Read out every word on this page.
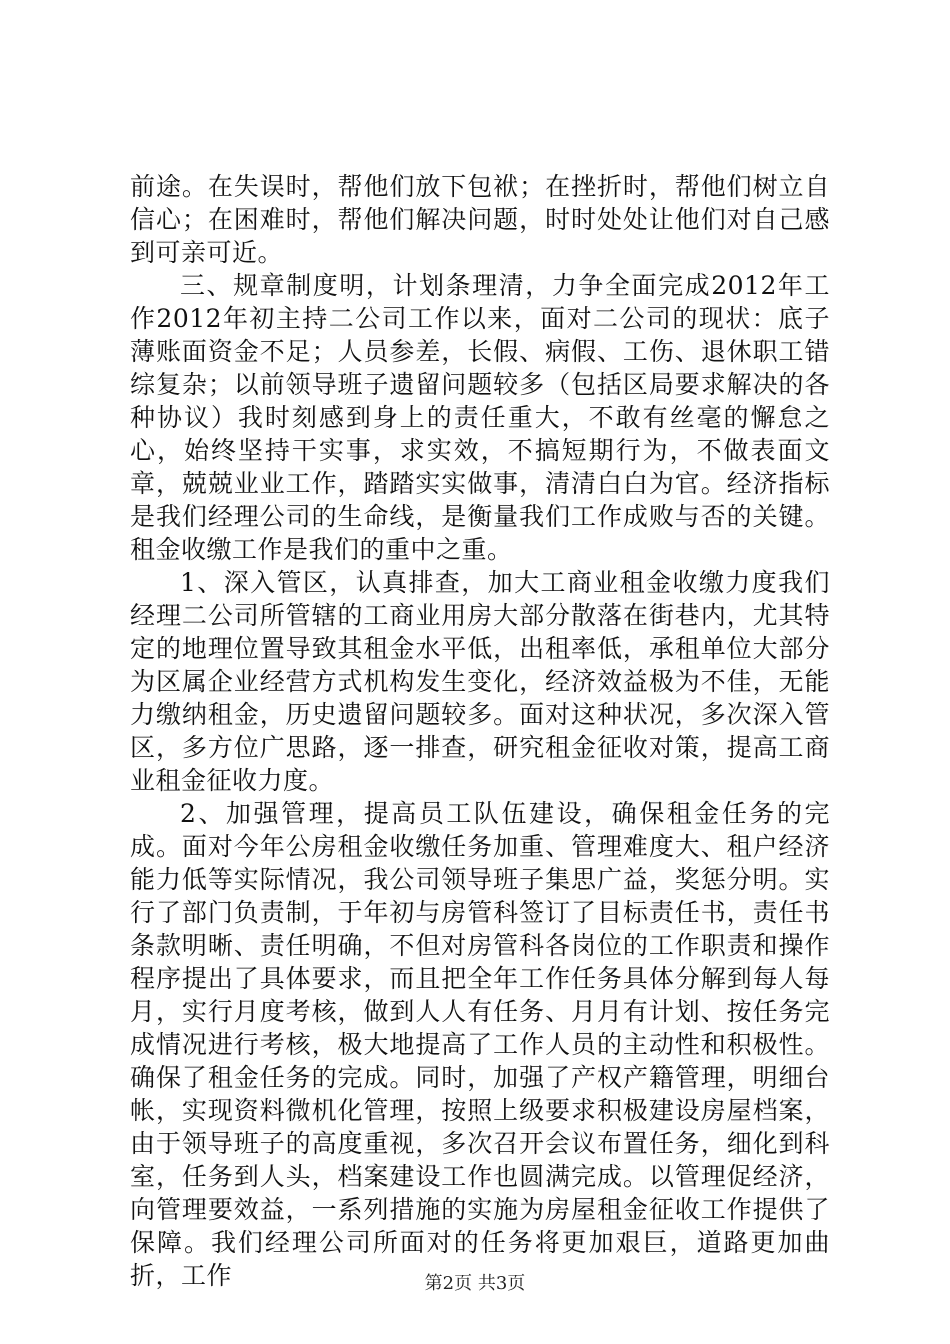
前途。在失误时，帮他们放下包袱；在挫折时，帮他们树立自信心；在困难时，帮他们解决问题，时时处处让他们对自己感到可亲可近。

三、规章制度明，计划条理清，力争全面完成2012年工作2012年初主持二公司工作以来，面对二公司的现状：底子薄账面资金不足；人员参差，长假、病假、工伤、退休职工错综复杂；以前领导班子遗留问题较多（包括区局要求解决的各种协议）我时刻感到身上的责任重大，不敢有丝毫的懈怠之心，始终坚持干实事，求实效，不搞短期行为，不做表面文章，兢兢业业工作，踏踏实实做事，清清白白为官。经济指标是我们经理公司的生命线，是衡量我们工作成败与否的关键。租金收缴工作是我们的重中之重。

1、深入管区，认真排查，加大工商业租金收缴力度我们经理二公司所管辖的工商业用房大部分散落在街巷内，尤其特定的地理位置导致其租金水平低，出租率低，承租单位大部分为区属企业经营方式机构发生变化，经济效益极为不佳，无能力缴纳租金，历史遗留问题较多。面对这种状况，多次深入管区，多方位广思路，逐一排查，研究租金征收对策，提高工商业租金征收力度。

2、加强管理，提高员工队伍建设，确保租金任务的完成。面对今年公房租金收缴任务加重、管理难度大、租户经济能力低等实际情况，我公司领导班子集思广益，奖惩分明。实行了部门负责制，于年初与房管科签订了目标责任书，责任书条款明晰、责任明确，不但对房管科各岗位的工作职责和操作程序提出了具体要求，而且把全年工作任务具体分解到每人每月，实行月度考核，做到人人有任务、月月有计划、按任务完成情况进行考核，极大地提高了工作人员的主动性和积极性。确保了租金任务的完成。同时，加强了产权产籍管理，明细台帐，实现资料微机化管理，按照上级要求积极建设房屋档案，由于领导班子的高度重视，多次召开会议布置任务，细化到科室，任务到人头，档案建设工作也圆满完成。以管理促经济，向管理要效益，一系列措施的实施为房屋租金征收工作提供了保障。我们经理公司所面对的任务将更加艰巨，道路更加曲折，工作	第2页 共3页
